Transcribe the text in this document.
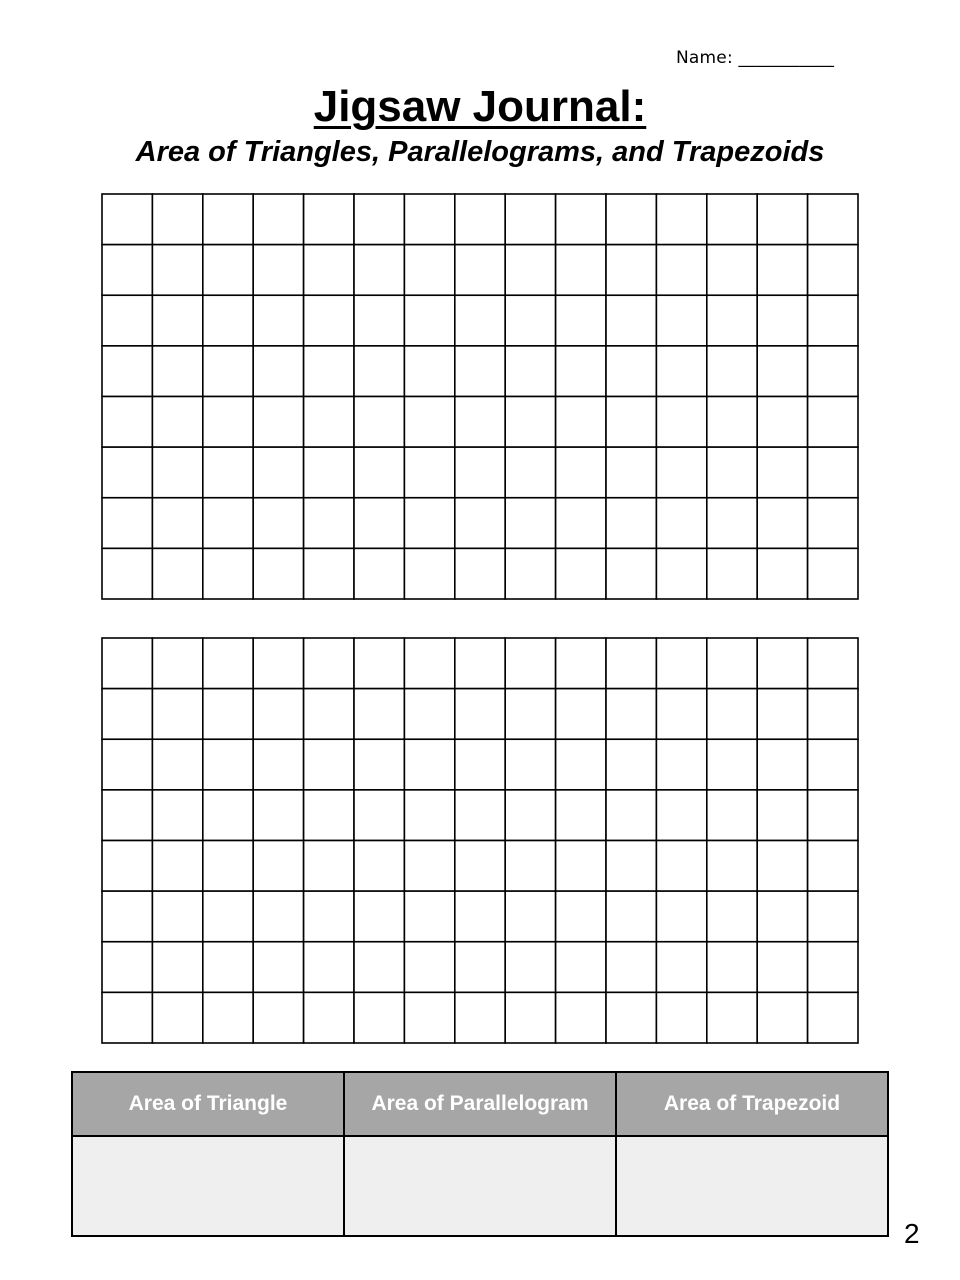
Name: ___________
Jigsaw Journal:
Area of Triangles, Parallelograms, and Trapezoids
Area of Triangle	Area of Parallelogram	Area of Trapezoid

2
